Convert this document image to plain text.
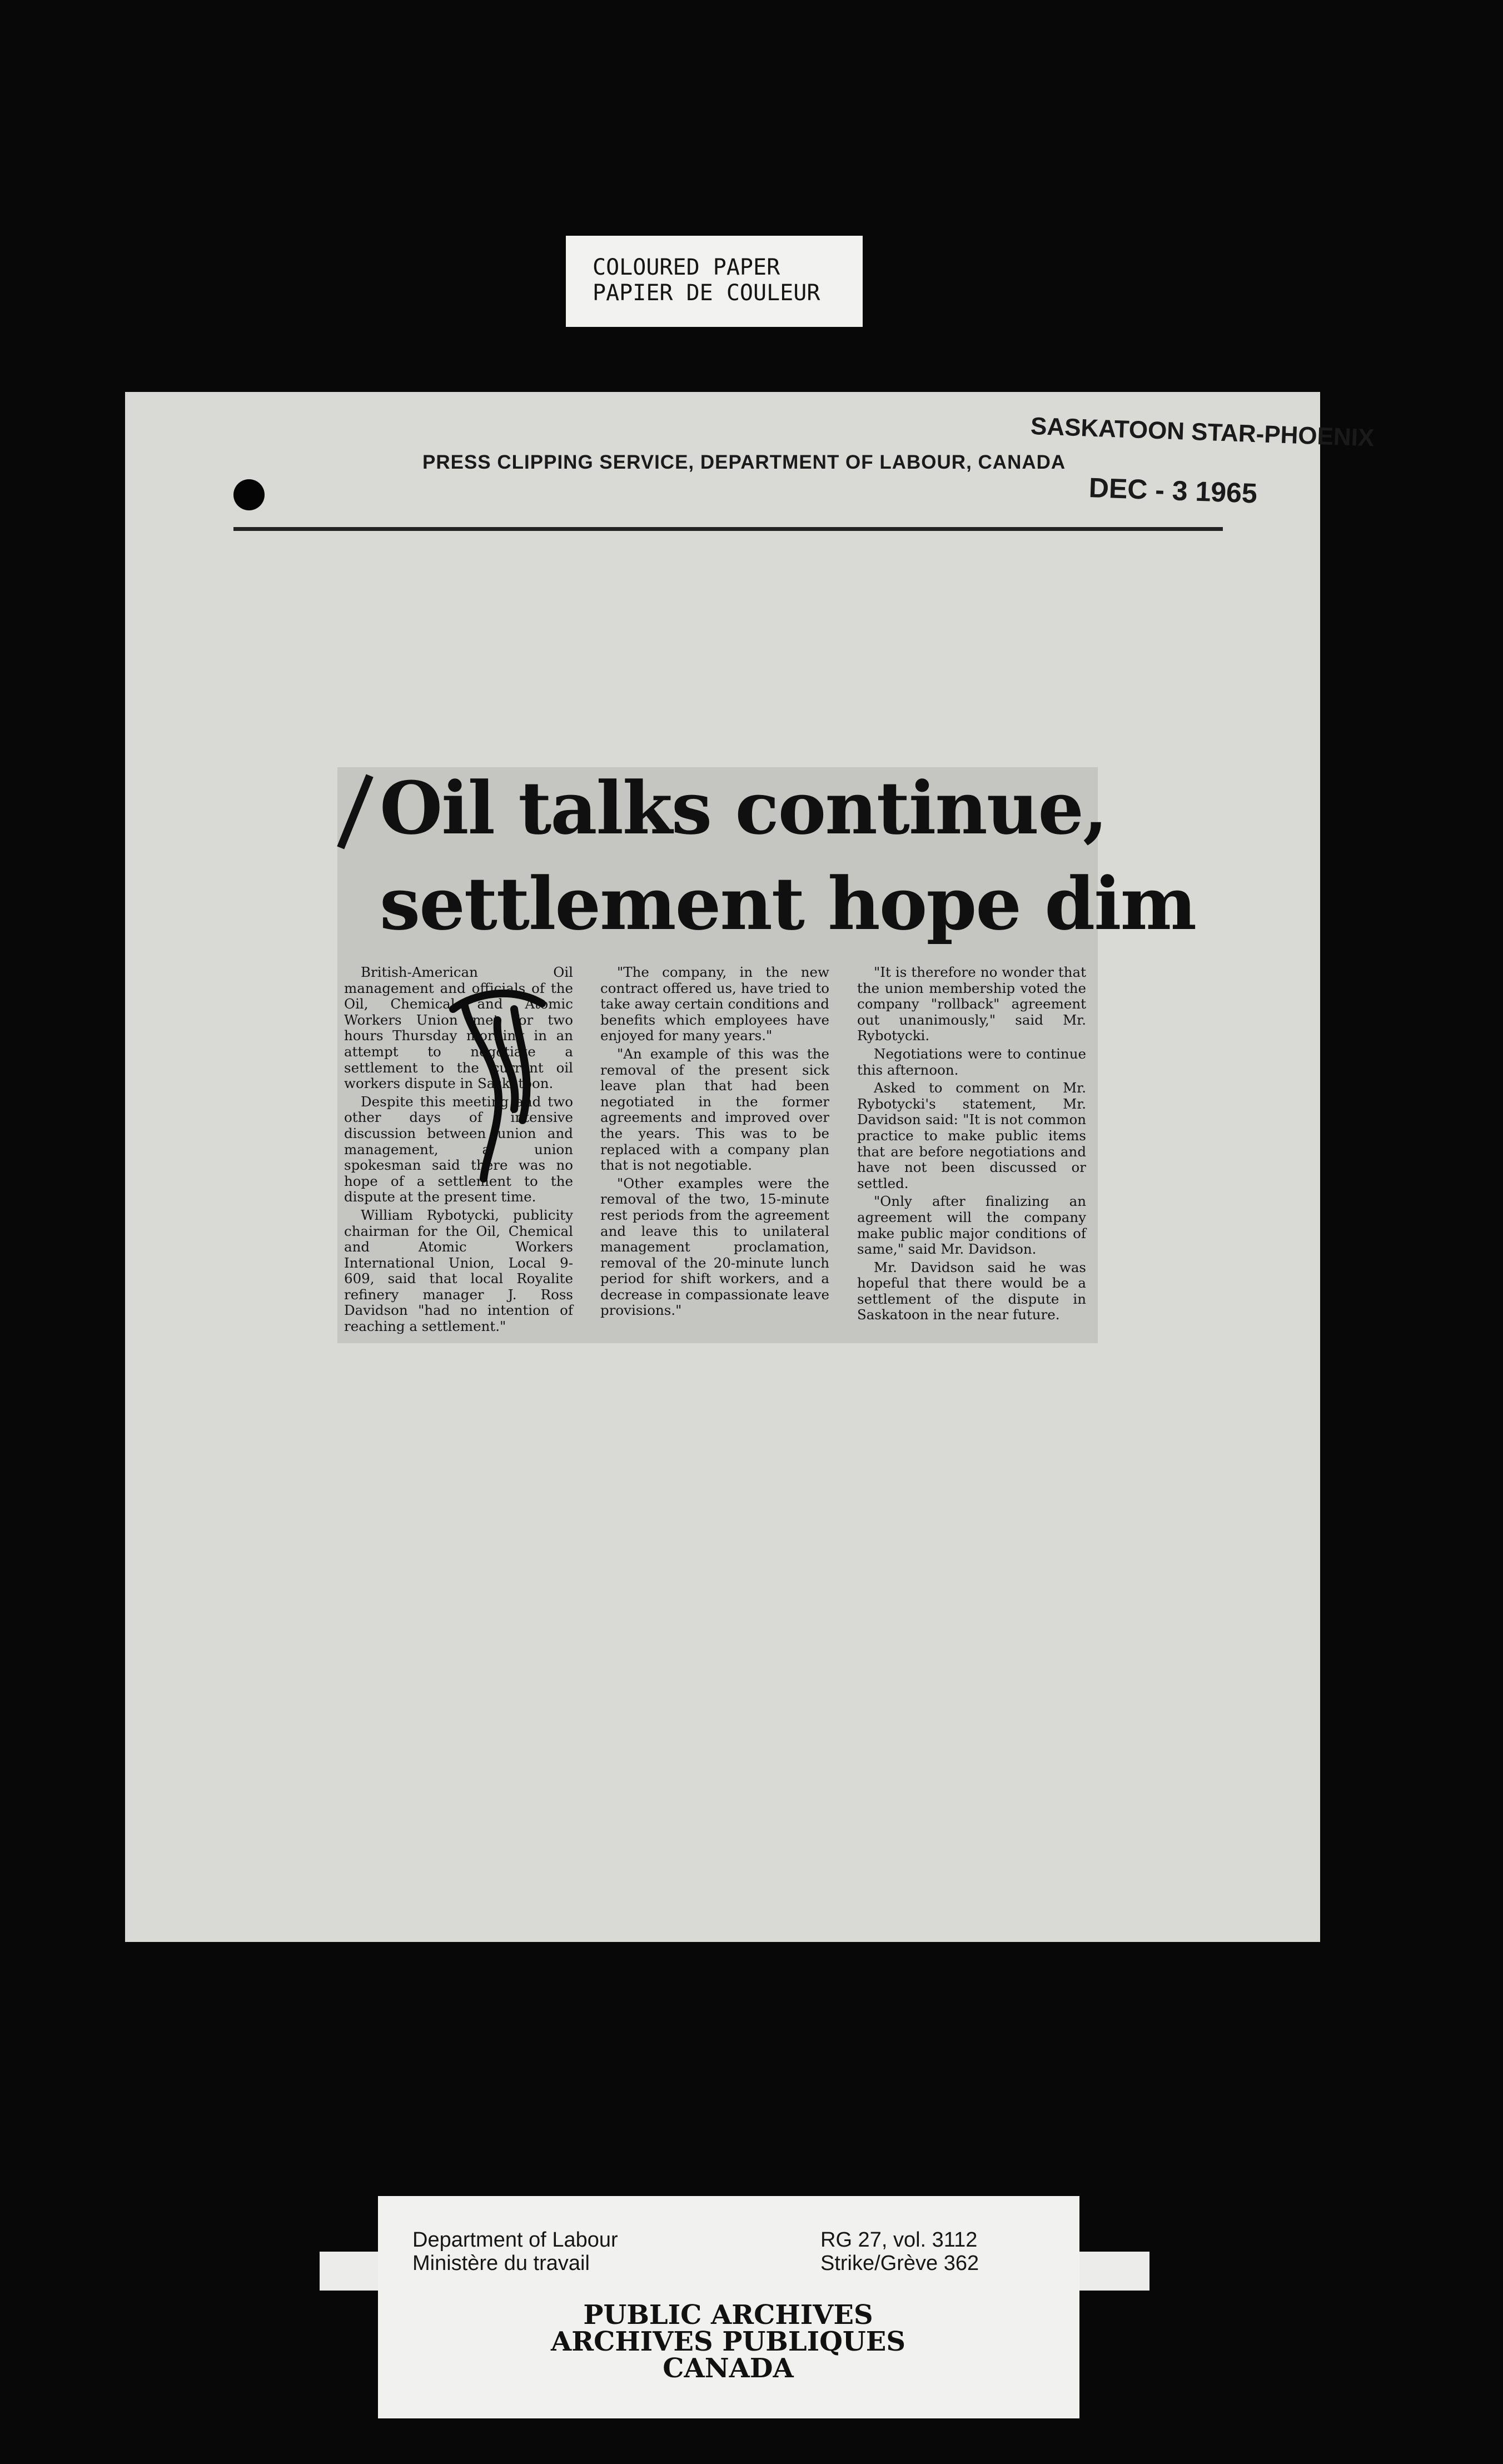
COLOURED PAPER
PAPIER DE COULEUR
PRESS CLIPPING SERVICE, DEPARTMENT OF LABOUR, CANADA
SASKATOON STAR-PHOENIX
DEC - 3 1965
Oil talks continue,
settlement hope dim

British-American Oil management and officials of the Oil, Chemical and Atomic Workers Union met for two hours Thursday morning in an attempt to negotiate a settlement to the current oil workers dispute in Saskatoon.

Despite this meeting and two other days of intensive discussion between union and management, a union spokesman said there was no hope of a settlement to the dispute at the present time.

William Rybotycki, publicity chairman for the Oil, Chemical and Atomic Workers International Union, Local 9-609, said that local Royalite refinery manager J. Ross Davidson "had no intention of reaching a settlement."

"The company, in the new contract offered us, have tried to take away certain conditions and benefits which employees have enjoyed for many years."

"An example of this was the removal of the present sick leave plan that had been negotiated in the former agreements and improved over the years. This was to be replaced with a company plan that is not negotiable.

"Other examples were the removal of the two, 15-minute rest periods from the agreement and leave this to unilateral management proclamation, removal of the 20-minute lunch period for shift workers, and a decrease in compassionate leave provisions."

"It is therefore no wonder that the union membership voted the company "rollback" agreement out unanimously," said Mr. Rybotycki.

Negotiations were to continue this afternoon.

Asked to comment on Mr. Rybotycki's statement, Mr. Davidson said: "It is not common practice to make public items that are before negotiations and have not been discussed or settled.

"Only after finalizing an agreement will the company make public major conditions of same," said Mr. Davidson.

Mr. Davidson said he was hopeful that there would be a settlement of the dispute in Saskatoon in the near future.

Department of Labour
Ministère du travail
RG 27, vol. 3112
Strike/Grève 362
PUBLIC ARCHIVES
ARCHIVES PUBLIQUES
CANADA
